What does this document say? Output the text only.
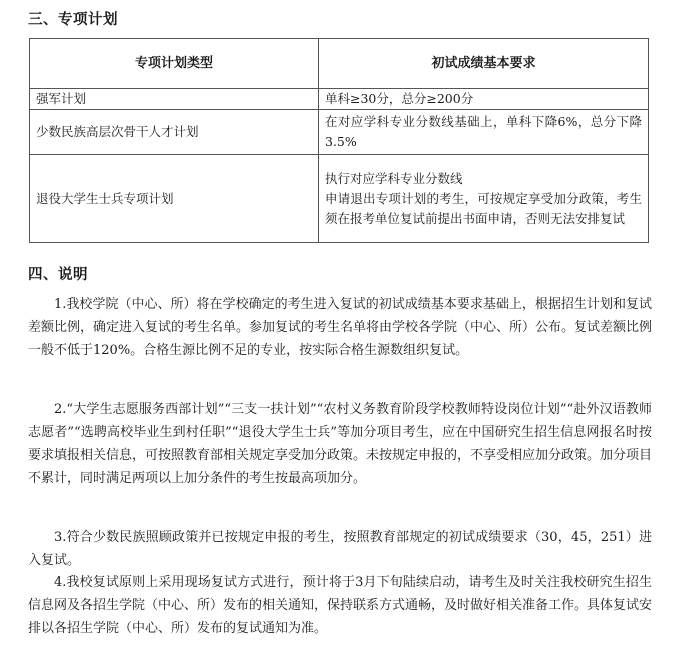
三、专项计划
专项计划类型	初试成绩基本要求
强军计划	单科≥30分，总分≥200分

少数民族高层次骨干人才计划	在对应学科专业分数线基础上，单科下降6%，总分下降3.5%

退役大学生士兵专项计划	执行对应学科专业分数线
申请退出专项计划的考生，可按规定享受加分政策，考生须在报考单位复试前提出书面申请，否则无法安排复试
四、说明

1.我校学院（中心、所）将在学校确定的考生进入复试的初试成绩基本要求基础上，根据招生计划和复试差额比例，确定进入复试的考生名单。参加复试的考生名单将由学校各学院（中心、所）公布。复试差额比例一般不低于120%。合格生源比例不足的专业，按实际合格生源数组织复试。

2.“大学生志愿服务西部计划”“三支一扶计划”“农村义务教育阶段学校教师特设岗位计划”“赴外汉语教师志愿者”“选聘高校毕业生到村任职”“退役大学生士兵”等加分项目考生，应在中国研究生招生信息网报名时按要求填报相关信息，可按照教育部相关规定享受加分政策。未按规定申报的，不享受相应加分政策。加分项目不累计，同时满足两项以上加分条件的考生按最高项加分。

3.符合少数民族照顾政策并已按规定申报的考生，按照教育部规定的初试成绩要求（30，45，251）进入复试。

4.我校复试原则上采用现场复试方式进行，预计将于3月下旬陆续启动，请考生及时关注我校研究生招生信息网及各招生学院（中心、所）发布的相关通知，保持联系方式通畅，及时做好相关准备工作。具体复试安排以各招生学院（中心、所）发布的复试通知为准。
